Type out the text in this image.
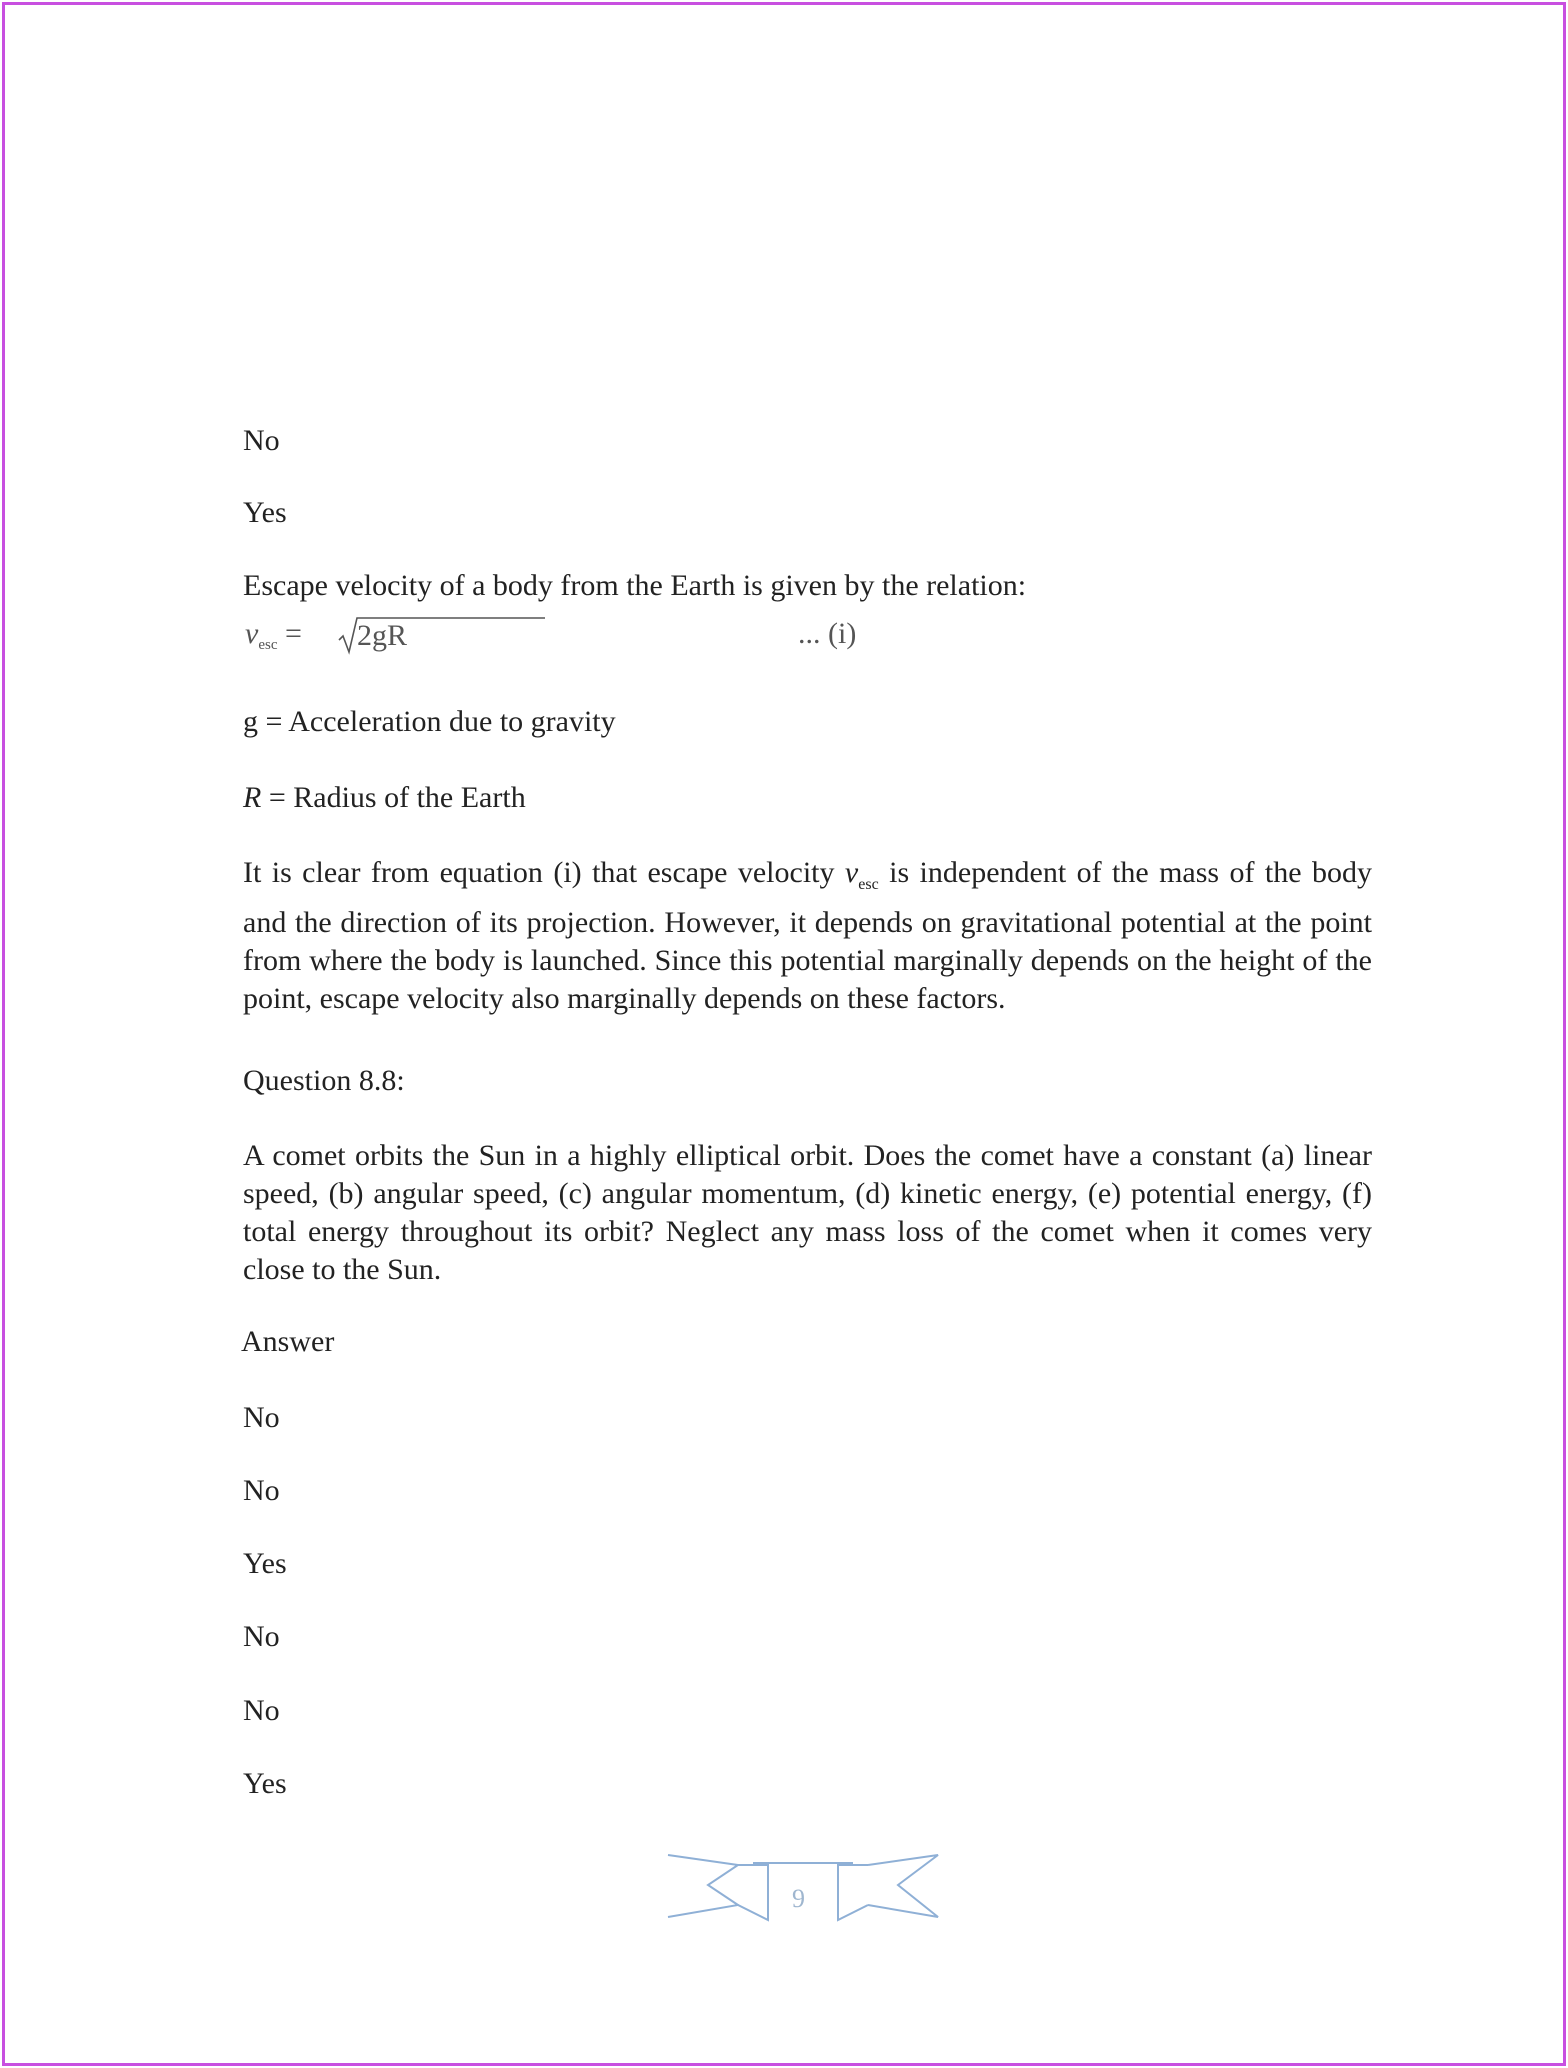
No
Yes
Escape velocity of a body from the Earth is given by the relation:
$v_{esc} = 2gR$	... (i)
g = Acceleration due to gravity
R = Radius of the Earth
It is clear from equation (i) that escape velocity $v_{esc}$ is independent of the mass of the body and the direction of its projection. However, it depends on gravitational potential at the point from where the body is launched. Since this potential marginally depends on the height of the point, escape velocity also marginally depends on these factors.
Question 8.8:
A comet orbits the Sun in a highly elliptical orbit. Does the comet have a constant (a) linear speed, (b) angular speed, (c) angular momentum, (d) kinetic energy, (e) potential energy, (f) total energy throughout its orbit? Neglect any mass loss of the comet when it comes very close to the Sun.
Answer
No
No
Yes
No
No
Yes
9
